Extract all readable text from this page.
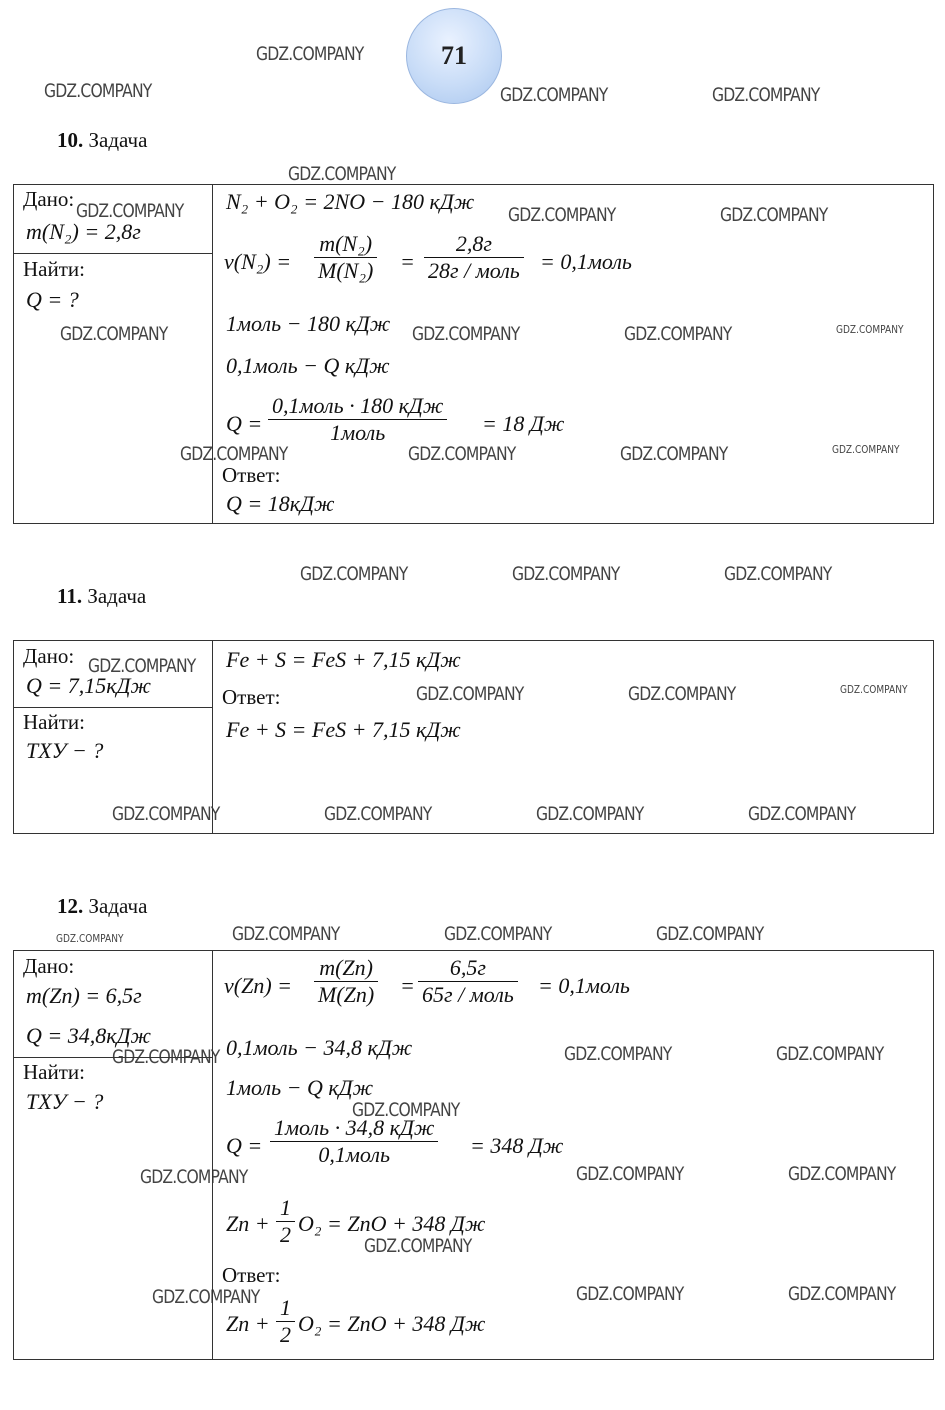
71
GDZ.COMPANY
GDZ.COMPANY	GDZ.COMPANY	GDZ.COMPANY
GDZ.COMPANY
GDZ.COMPANY	GDZ.COMPANY	GDZ.COMPANY
GDZ.COMPANY	GDZ.COMPANY	GDZ.COMPANY	GDZ.COMPANY
GDZ.COMPANY	GDZ.COMPANY	GDZ.COMPANY	GDZ.COMPANY
GDZ.COMPANY	GDZ.COMPANY	GDZ.COMPANY
GDZ.COMPANY
GDZ.COMPANY	GDZ.COMPANY	GDZ.COMPANY
GDZ.COMPANY	GDZ.COMPANY	GDZ.COMPANY	GDZ.COMPANY
GDZ.COMPANY	GDZ.COMPANY	GDZ.COMPANY	GDZ.COMPANY
GDZ.COMPANY	GDZ.COMPANY	GDZ.COMPANY
GDZ.COMPANY
GDZ.COMPANY	GDZ.COMPANY	GDZ.COMPANY
GDZ.COMPANY
GDZ.COMPANY	GDZ.COMPANY	GDZ.COMPANY
10. Задача
Дано:
m(N₂) = 2,8г
Найти:
Q = ?
N₂ + O₂ = 2NO − 180 кДж
$\nu(N_2) = \frac{\text{m(N₂)}}{\text{M(N₂)}}$ =
2,8г
28г / моль = 0,1моль
1моль − 180 кДж
0,1моль − Q кДж
Q =
0,1моль · 180 кДж
1моль	= 18 Дж
Ответ:
Q = 18кДж
11. Задача
Дано:
Q = 7,15кДж
Найти:
ТХУ − ?
Fe + S = FeS + 7,15 кДж
Ответ:
Fe + S = FeS + 7,15 кДж
12. Задача
Дано:
m(Zn) = 6,5г
Q = 34,8кДж
Найти:
ТХУ − ?
$\nu(Zn) = \frac{m(Zn)}{M(Zn)}$ =
6,5г
65г / моль = 0,1моль
0,1моль − 34,8 кДж
1моль − Q кДж
Q =
1моль · 34,8 кДж
0,1моль	= 348 Дж
$Zn + \frac{1}{2} O_2$ = ZnO + 348 Дж
Ответ:
$Zn + \frac{1}{2} O_2$ = ZnO + 348 Дж
